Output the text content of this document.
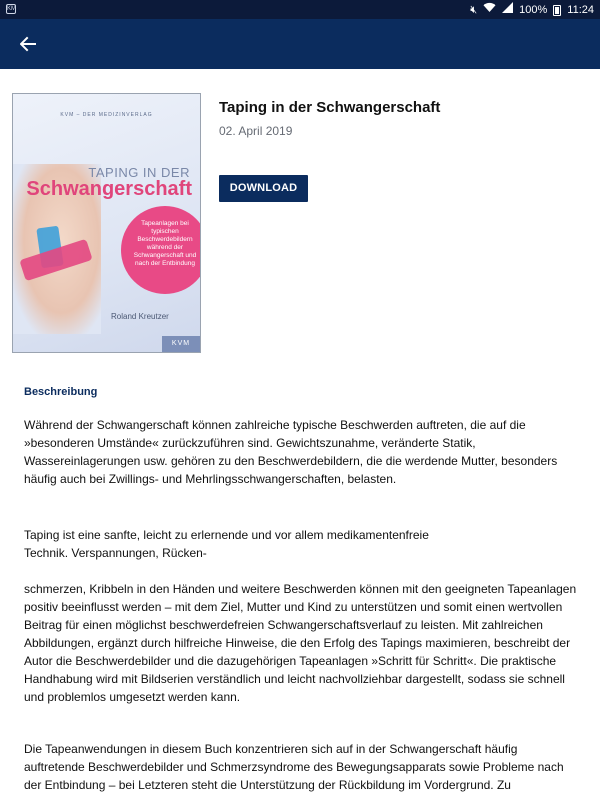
KM	🔇︎	100% 11:24
KVM – DER MEDIZINVERLAG
TAPING IN DER
Schwangerschaft
Tapeanlagen bei typischen Beschwerdebildern während der Schwangerschaft und nach der Entbindung
Roland Kreutzer
KVM
Taping in der Schwangerschaft
02. April 2019
DOWNLOAD
Beschreibung
Während der Schwangerschaft können zahlreiche typische Beschwerden auftreten, die auf die »besonderen Umstände« zurückzuführen sind. Gewichtszunahme, veränderte Statik, Wassereinlagerungen usw. gehören zu den Beschwerdebildern, die die werdende Mutter, besonders häufig auch bei Zwillings- und Mehrlingsschwangerschaften, belasten.
Taping ist eine sanfte, leicht zu erlernende und vor allem medikamentenfreie Technik. Verspannungen, Rücken-
schmerzen, Kribbeln in den Händen und weitere Beschwerden können mit den geeigneten Tapeanlagen positiv beeinflusst werden – mit dem Ziel, Mutter und Kind zu unterstützen und somit einen wertvollen Beitrag für einen möglichst beschwerdefreien Schwangerschaftsverlauf zu leisten. Mit zahlreichen Abbildungen, ergänzt durch hilfreiche Hinweise, die den Erfolg des Tapings maximieren, beschreibt der Autor die Beschwerdebilder und die dazugehörigen Tapeanlagen »Schritt für Schritt«. Die praktische Handhabung wird mit Bildserien verständlich und leicht nachvollziehbar dargestellt, sodass sie schnell und problemlos umgesetzt werden kann.
Die Tapeanwendungen in diesem Buch konzentrieren sich auf in der Schwangerschaft häufig auftretende Beschwerdebilder und Schmerzsyndrome des Bewegungsapparats sowie Probleme nach der Entbindung – bei Letzteren steht die Unterstützung der Rückbildung im Vordergrund. Zu
